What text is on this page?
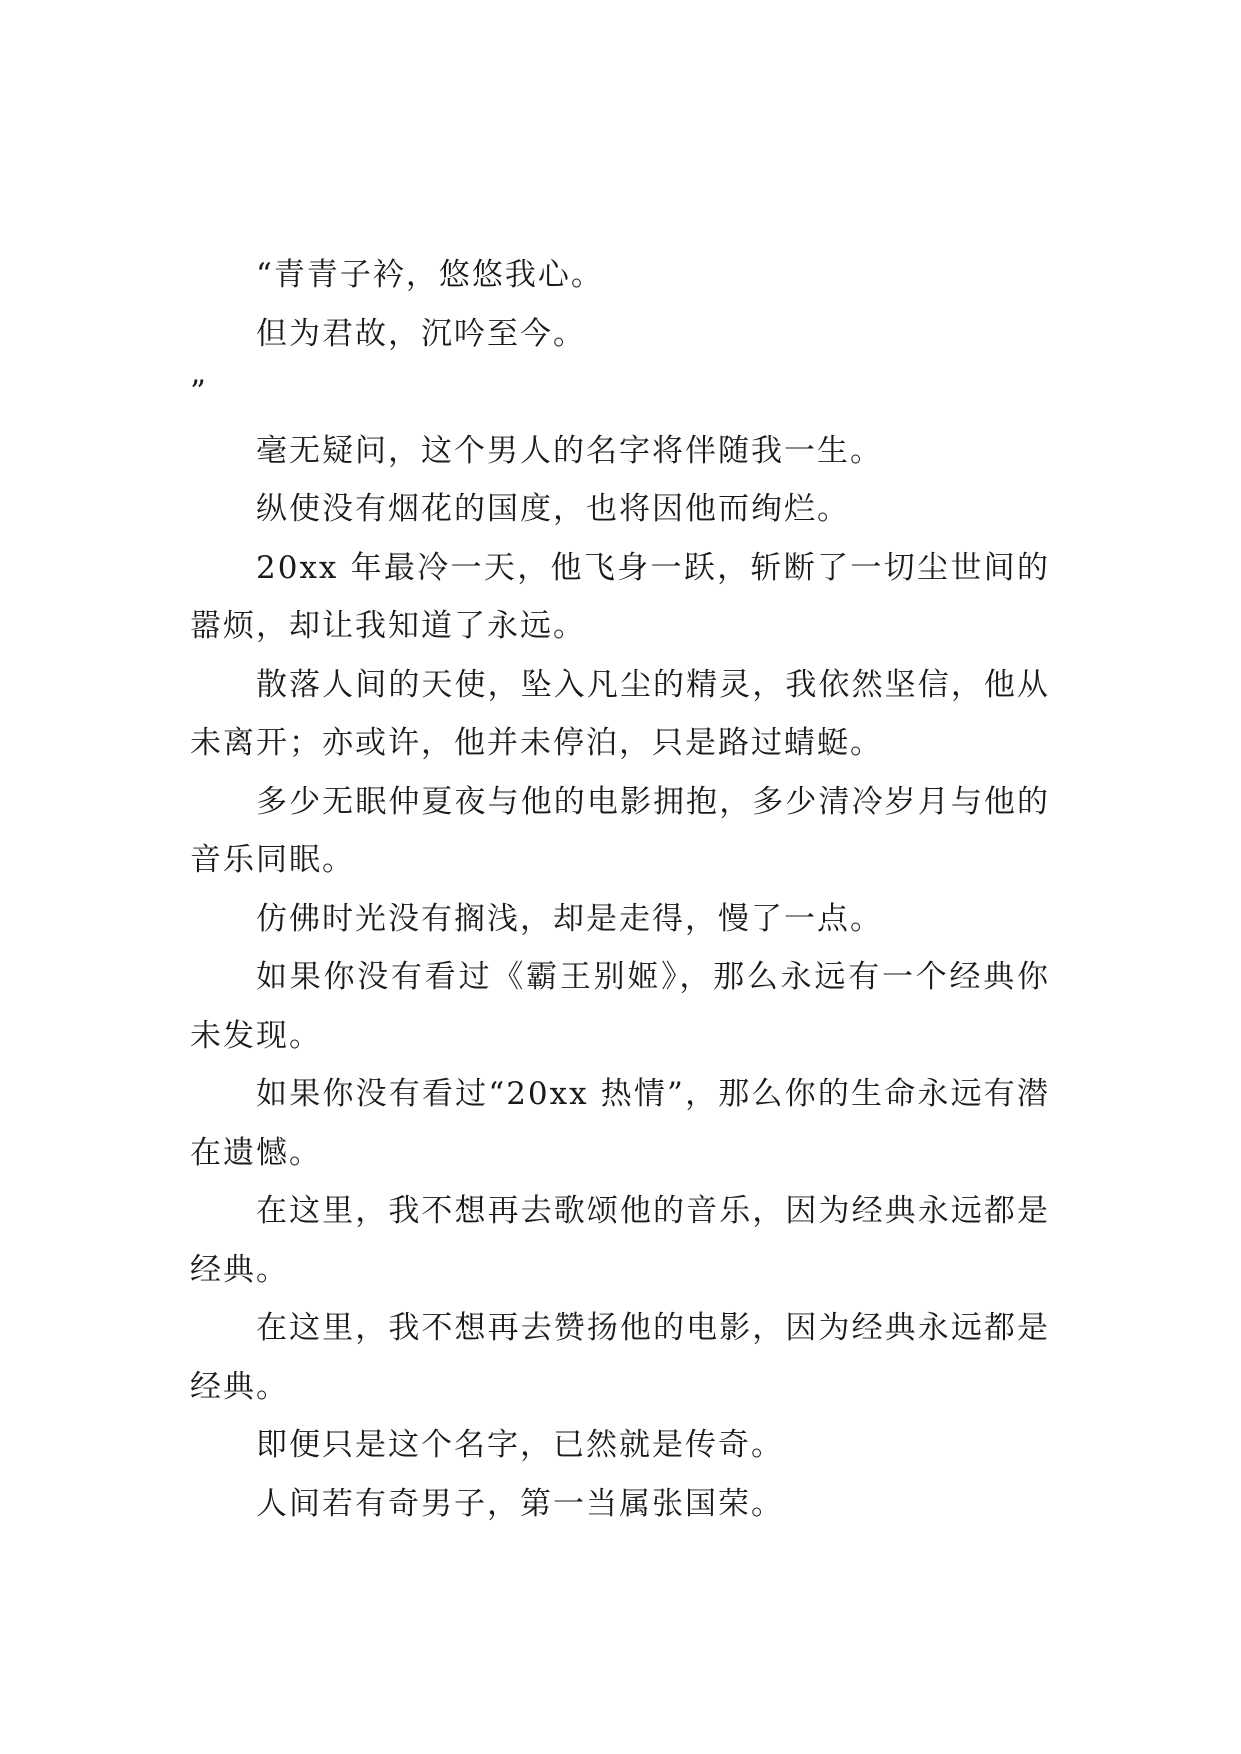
“青青子衿，悠悠我心。

但为君故，沉吟至今。

”

毫无疑问，这个男人的名字将伴随我一生。

纵使没有烟花的国度，也将因他而绚烂。

20xx 年最冷一天，他飞身一跃，斩断了一切尘世间的嚣烦，却让我知道了永远。

散落人间的天使，坠入凡尘的精灵，我依然坚信，他从未离开；亦或许，他并未停泊，只是路过蜻蜓。

多少无眠仲夏夜与他的电影拥抱，多少清冷岁月与他的音乐同眠。

仿佛时光没有搁浅，却是走得，慢了一点。

如果你没有看过《霸王别姬》，那么永远有一个经典你未发现。

如果你没有看过“20xx 热情”，那么你的生命永远有潜在遗憾。

在这里，我不想再去歌颂他的音乐，因为经典永远都是经典。

在这里，我不想再去赞扬他的电影，因为经典永远都是经典。

即便只是这个名字，已然就是传奇。

人间若有奇男子，第一当属张国荣。
